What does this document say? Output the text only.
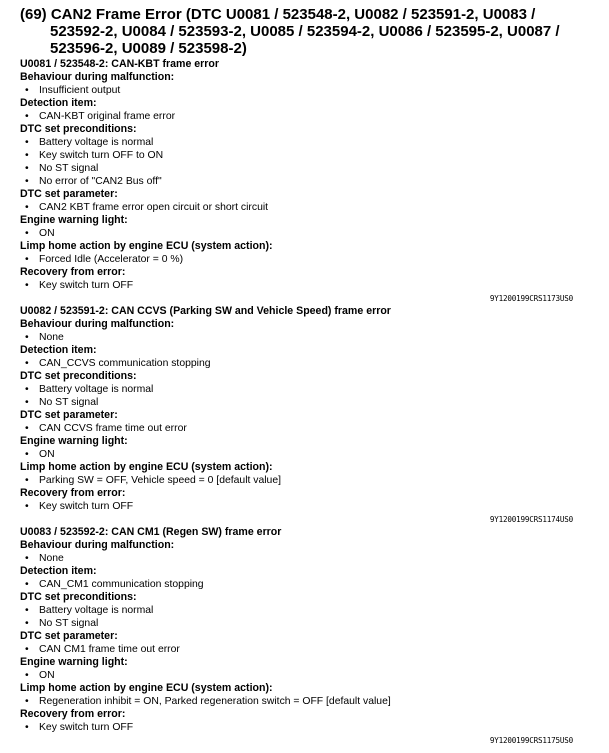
(69) CAN2 Frame Error (DTC U0081 / 523548-2, U0082 / 523591-2, U0083 /
523592-2, U0084 / 523593-2, U0085 / 523594-2, U0086 / 523595-2, U0087 /
523596-2, U0089 / 523598-2)
U0081 / 523548-2: CAN-KBT frame error
Behaviour during malfunction:
• Insufficient output
Detection item:
• CAN-KBT original frame error
DTC set preconditions:
• Battery voltage is normal
• Key switch turn OFF to ON
• No ST signal
• No error of "CAN2 Bus off"
DTC set parameter:
• CAN2 KBT frame error open circuit or short circuit
Engine warning light:
• ON
Limp home action by engine ECU (system action):
• Forced Idle (Accelerator = 0 %)
Recovery from error:
• Key switch turn OFF
9Y1200199CRS1173US0
U0082 / 523591-2: CAN CCVS (Parking SW and Vehicle Speed) frame error
Behaviour during malfunction:
• None
Detection item:
• CAN_CCVS communication stopping
DTC set preconditions:
• Battery voltage is normal
• No ST signal
DTC set parameter:
• CAN CCVS frame time out error
Engine warning light:
• ON
Limp home action by engine ECU (system action):
• Parking SW = OFF, Vehicle speed = 0 [default value]
Recovery from error:
• Key switch turn OFF
9Y1200199CRS1174US0
U0083 / 523592-2: CAN CM1 (Regen SW) frame error
Behaviour during malfunction:
• None
Detection item:
• CAN_CM1 communication stopping
DTC set preconditions:
• Battery voltage is normal
• No ST signal
DTC set parameter:
• CAN CM1 frame time out error
Engine warning light:
• ON
Limp home action by engine ECU (system action):
• Regeneration inhibit = ON, Parked regeneration switch = OFF [default value]
Recovery from error:
• Key switch turn OFF
9Y1200199CRS1175US0
